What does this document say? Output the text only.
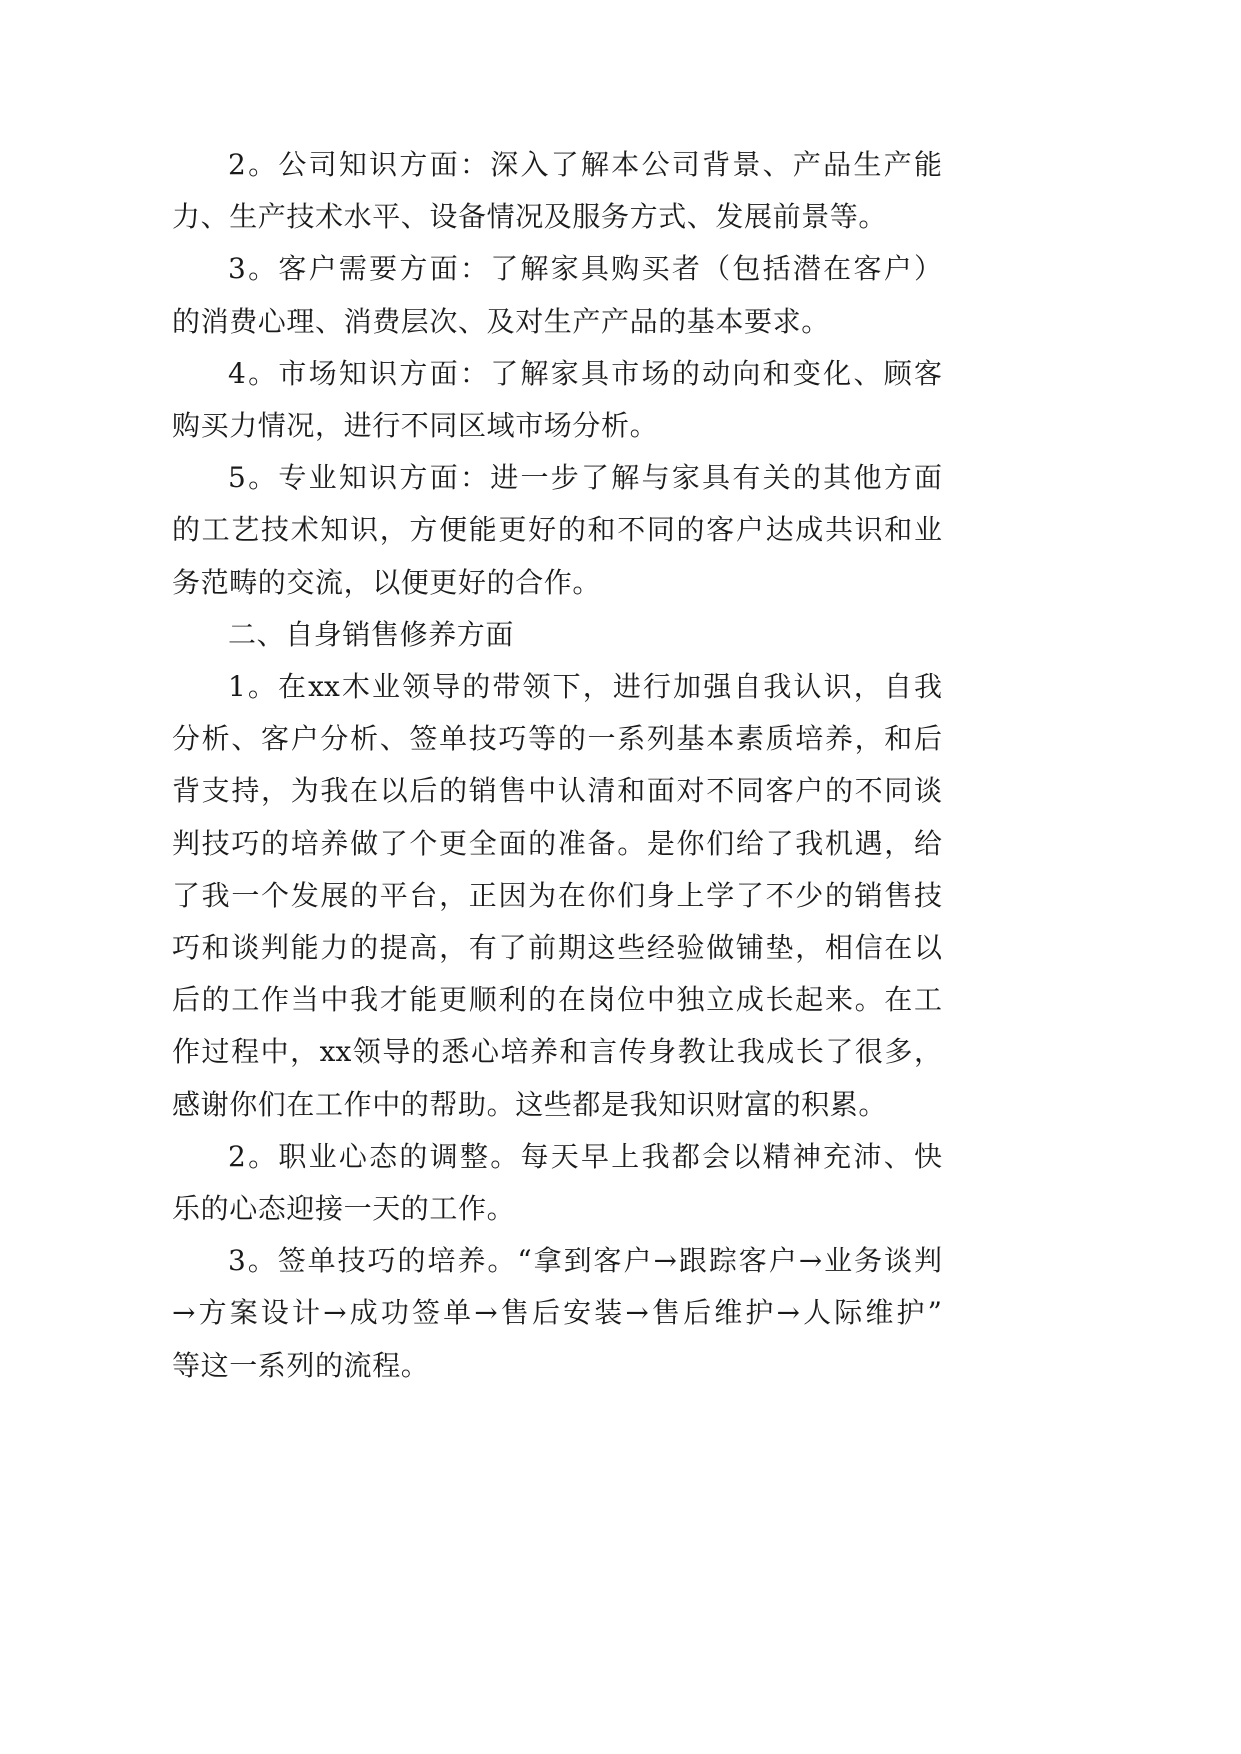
2。公司知识方面：深入了解本公司背景、产品生产能
力、生产技术水平、设备情况及服务方式、发展前景等。
3。客户需要方面：了解家具购买者（包括潜在客户）
的消费心理、消费层次、及对生产产品的基本要求。
4。市场知识方面：了解家具市场的动向和变化、顾客
购买力情况，进行不同区域市场分析。
5。专业知识方面：进一步了解与家具有关的其他方面
的工艺技术知识，方便能更好的和不同的客户达成共识和业
务范畴的交流，以便更好的合作。
二、自身销售修养方面
1。在xx木业领导的带领下，进行加强自我认识，自我
分析、客户分析、签单技巧等的一系列基本素质培养，和后
背支持，为我在以后的销售中认清和面对不同客户的不同谈
判技巧的培养做了个更全面的准备。是你们给了我机遇，给
了我一个发展的平台，正因为在你们身上学了不少的销售技
巧和谈判能力的提高，有了前期这些经验做铺垫，相信在以
后的工作当中我才能更顺利的在岗位中独立成长起来。在工
作过程中，xx领导的悉心培养和言传身教让我成长了很多，
感谢你们在工作中的帮助。这些都是我知识财富的积累。
2。职业心态的调整。每天早上我都会以精神充沛、快
乐的心态迎接一天的工作。
3。签单技巧的培养。“拿到客户→跟踪客户→业务谈判
→方案设计→成功签单→售后安装→售后维护→人际维护”
等这一系列的流程。
